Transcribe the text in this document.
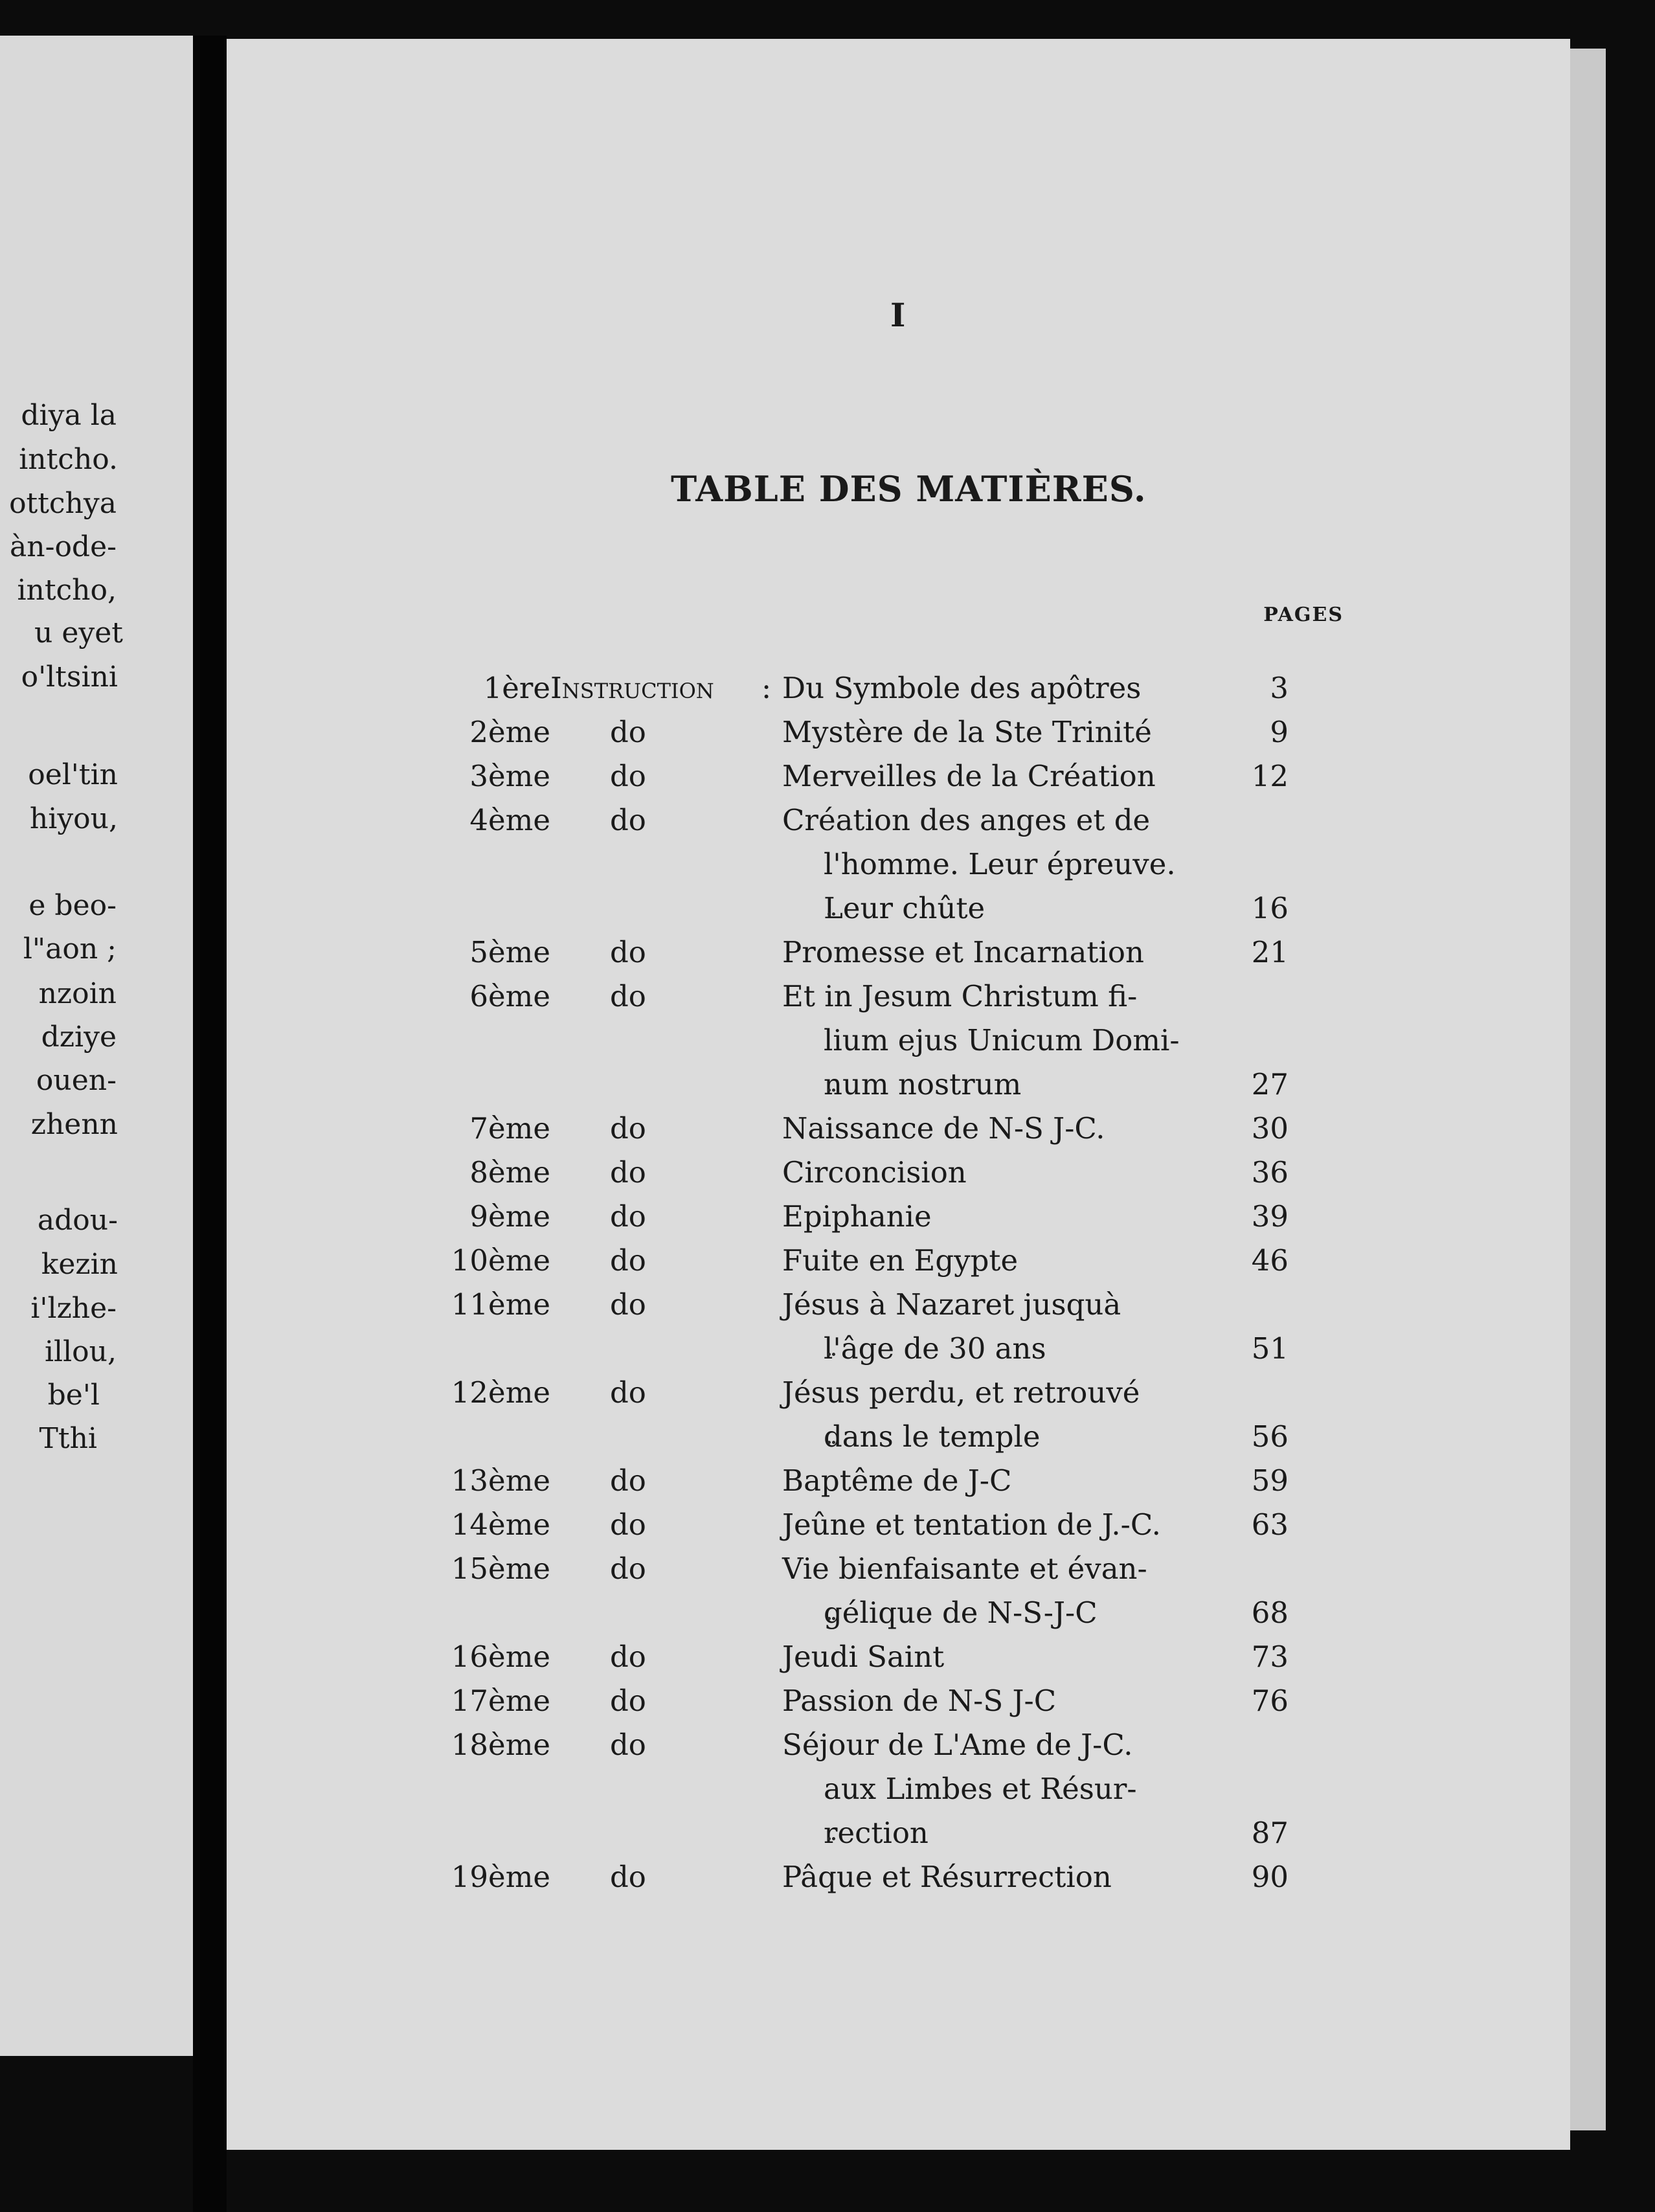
diya la

intcho.

ottchya

àn-ode-

intcho,

u eyet

o'ltsini

oel'tin

hiyou,

e beo-

l"aon ;

nzoin

dziye

ouen-

zhenn

adou-

kezin

i'lzhe-

illou,

be'l

Tthi

I

TABLE DES MATIÈRES.

PAGES

1ère Instruction : Du Symbole des apôtres	3
2ème do	Mystère de la Ste Trinité	9
3ème do	Merveilles de la Création	12
4ème do	Création des anges et de
l'homme. Leur épreuve.
Leur chûte	16
5ème do	Promesse et Incarnation	21
6ème do	Et in Jesum Christum fi-
lium ejus Unicum Domi-
num nostrum	27
7ème do	Naissance de N-S J-C.	30
8ème do	Circoncision	36
9ème do	Epiphanie	39
10ème do	Fuite en Egypte	46
11ème do	Jésus à Nazaret jusquà
l'âge de 30 ans	51
12ème do	Jésus perdu, et retrouvé
dans le temple	56
13ème do	Baptême de J-C	59
14ème do	Jeûne et tentation de J.-C.	63
15ème do	Vie bienfaisante et évan-
gélique de N-S-J-C	68
16ème do	Jeudi Saint	73
17ème do	Passion de N-S J-C	76
18ème do	Séjour de L'Ame de J-C.
aux Limbes et Résur-
rection	87
19ème do	Pâque et Résurrection	90
